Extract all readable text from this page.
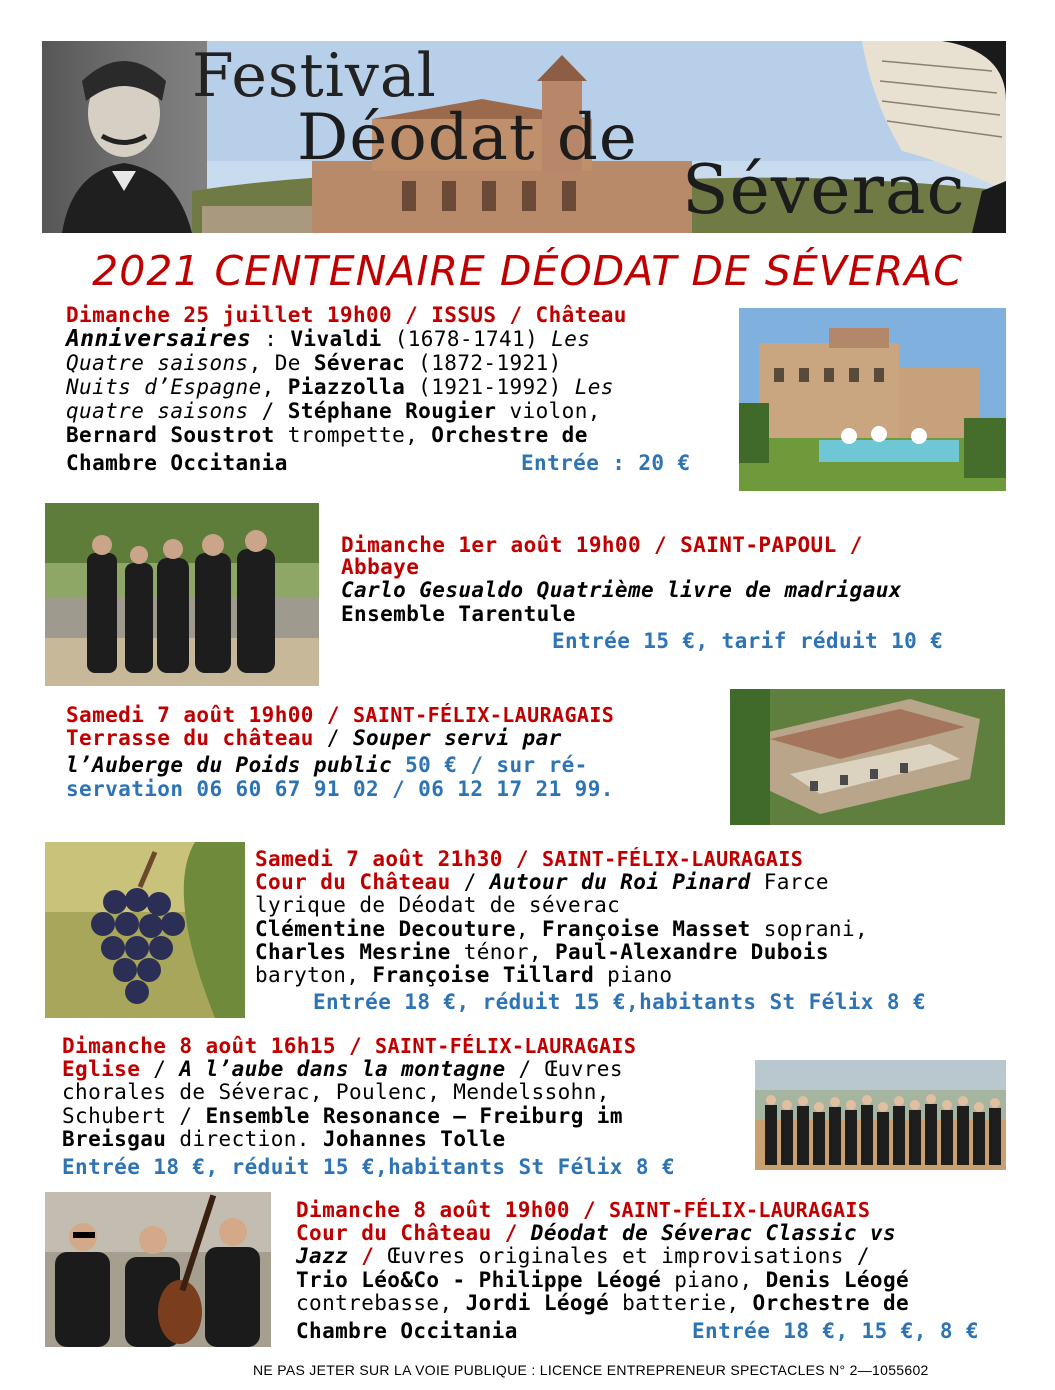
Festival
Déodat de
Séverac
2021 CENTENAIRE DÉODAT DE SÉVERAC
Dimanche 25 juillet 19h00 / ISSUS / Château
Anniversaires : Vivaldi (1678-1741) Les
Quatre saisons, De Séverac (1872-1921)
Nuits d’Espagne, Piazzolla (1921-1992) Les
quatre saisons / Stéphane Rougier violon,
Bernard Soustrot trompette, Orchestre de
Chambre Occitania	Entrée : 20 €
Dimanche 1er août 19h00 / SAINT-PAPOUL /
Abbaye
Carlo Gesualdo Quatrième livre de madrigaux
Ensemble Tarentule
Entrée 15 €, tarif réduit 10 €
Samedi 7 août 19h00 / SAINT-FÉLIX-LAURAGAIS
Terrasse du château / Souper servi par
l’Auberge du Poids public 50 € / sur ré-
servation 06 60 67 91 02 / 06 12 17 21 99.
Samedi 7 août 21h30 / SAINT-FÉLIX-LAURAGAIS
Cour du Château / Autour du Roi Pinard Farce
lyrique de Déodat de séverac
Clémentine Decouture, Françoise Masset soprani,
Charles Mesrine ténor, Paul-Alexandre Dubois
baryton, Françoise Tillard piano
Entrée 18 €, réduit 15 €,habitants St Félix 8 €
Dimanche 8 août 16h15 / SAINT-FÉLIX-LAURAGAIS
Eglise / A l’aube dans la montagne / Œuvres
chorales de Séverac, Poulenc, Mendelssohn,
Schubert / Ensemble Resonance – Freiburg im
Breisgau direction. Johannes Tolle
Entrée 18 €, réduit 15 €,habitants St Félix 8 €
Dimanche 8 août 19h00 / SAINT-FÉLIX-LAURAGAIS
Cour du Château / Déodat de Séverac Classic vs
Jazz / Œuvres originales et improvisations /
Trio Léo&Co - Philippe Léogé piano, Denis Léogé
contrebasse, Jordi Léogé batterie, Orchestre de
Chambre Occitania	Entrée 18 €, 15 €, 8 €
NE PAS JETER SUR LA VOIE PUBLIQUE : LICENCE ENTREPRENEUR SPECTACLES N° 2—1055602
